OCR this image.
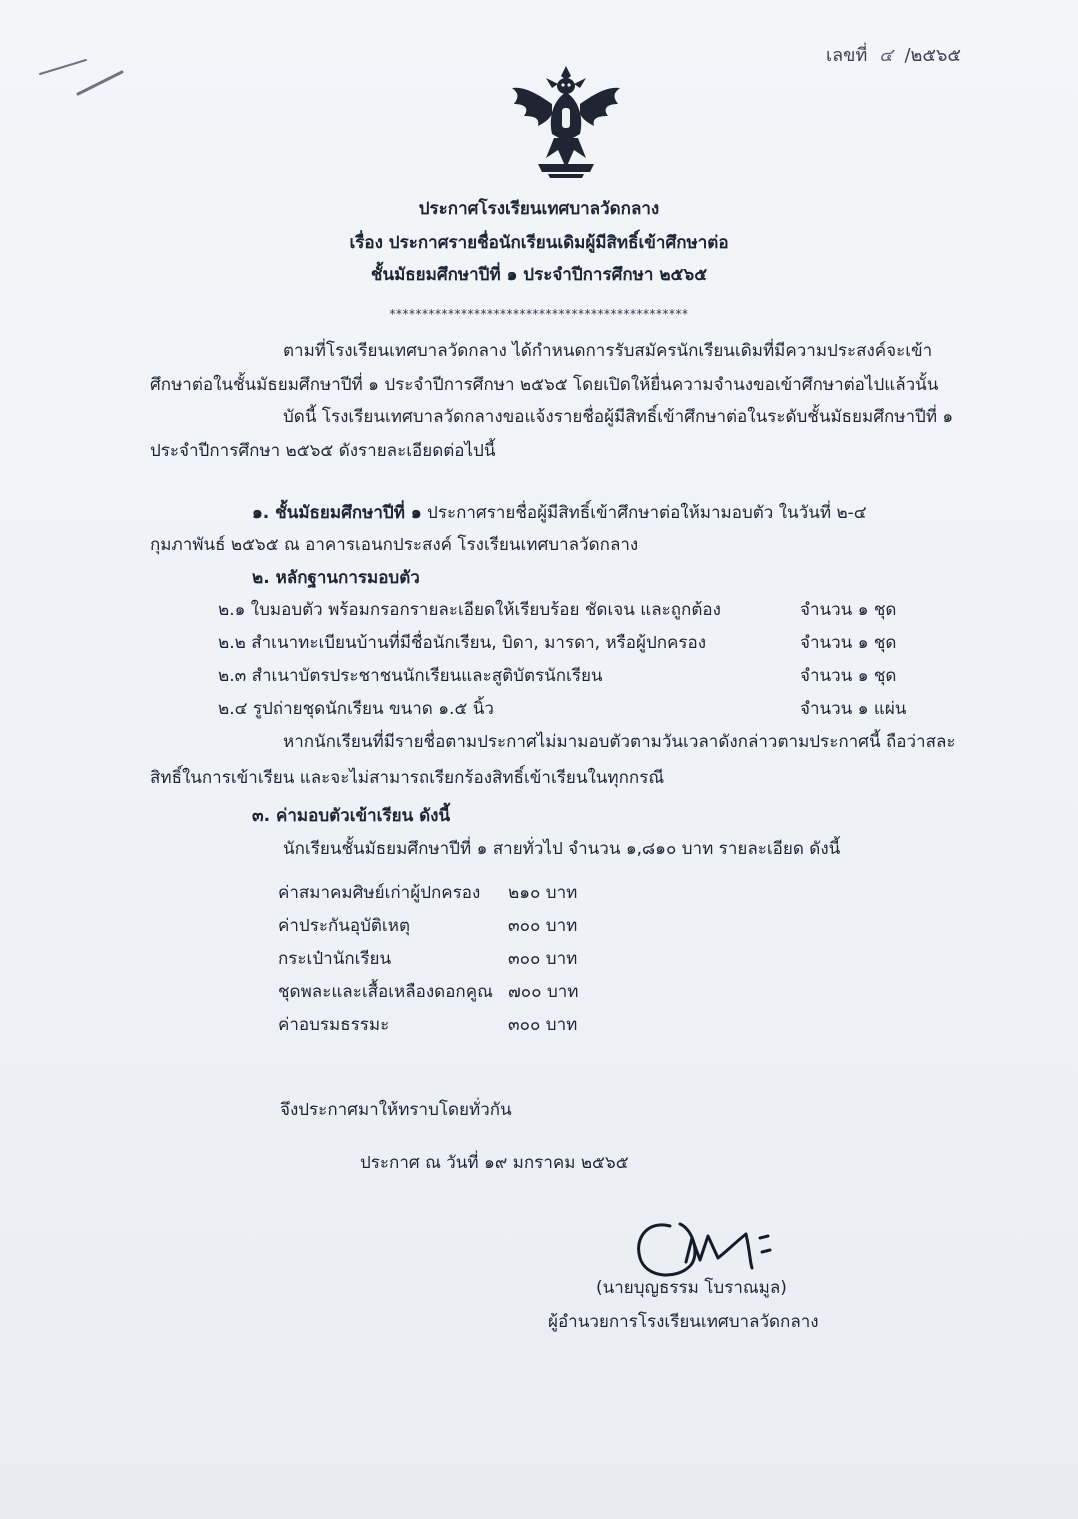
เลขที่ ๔ /๒๕๖๕
ประกาศโรงเรียนเทศบาลวัดกลาง
เรื่อง ประกาศรายชื่อนักเรียนเดิมผู้มีสิทธิ์เข้าศึกษาต่อ
ชั้นมัธยมศึกษาปีที่ ๑ ประจำปีการศึกษา ๒๕๖๕
**********************************************
ตามที่โรงเรียนเทศบาลวัดกลาง ได้กำหนดการรับสมัครนักเรียนเดิมที่มีความประสงค์จะเข้า
ศึกษาต่อในชั้นมัธยมศึกษาปีที่ ๑ ประจำปีการศึกษา ๒๕๖๕ โดยเปิดให้ยื่นความจำนงขอเข้าศึกษาต่อไปแล้วนั้น
บัดนี้ โรงเรียนเทศบาลวัดกลางขอแจ้งรายชื่อผู้มีสิทธิ์เข้าศึกษาต่อในระดับชั้นมัธยมศึกษาปีที่ ๑
ประจำปีการศึกษา ๒๕๖๕ ดังรายละเอียดต่อไปนี้
๑. ชั้นมัธยมศึกษาปีที่ ๑ ประกาศรายชื่อผู้มีสิทธิ์เข้าศึกษาต่อให้มามอบตัว ในวันที่ ๒-๔
กุมภาพันธ์ ๒๕๖๕ ณ อาคารเอนกประสงค์ โรงเรียนเทศบาลวัดกลาง
๒. หลักฐานการมอบตัว
๒.๑ ใบมอบตัว พร้อมกรอกรายละเอียดให้เรียบร้อย ชัดเจน และถูกต้อง	จำนวน ๑ ชุด
๒.๒ สำเนาทะเบียนบ้านที่มีชื่อนักเรียน, บิดา, มารดา, หรือผู้ปกครอง	จำนวน ๑ ชุด
๒.๓ สำเนาบัตรประชาชนนักเรียนและสูติบัตรนักเรียน	จำนวน ๑ ชุด
๒.๔ รูปถ่ายชุดนักเรียน ขนาด ๑.๕ นิ้ว	จำนวน ๑ แผ่น
หากนักเรียนที่มีรายชื่อตามประกาศไม่มามอบตัวตามวันเวลาดังกล่าวตามประกาศนี้ ถือว่าสละ
สิทธิ์ในการเข้าเรียน และจะไม่สามารถเรียกร้องสิทธิ์เข้าเรียนในทุกกรณี
๓. ค่ามอบตัวเข้าเรียน ดังนี้
นักเรียนชั้นมัธยมศึกษาปีที่ ๑ สายทั่วไป จำนวน ๑,๘๑๐ บาท รายละเอียด ดังนี้
ค่าสมาคมศิษย์เก่าผู้ปกครอง ๒๑๐ บาท
ค่าประกันอุบัติเหตุ	๓๐๐ บาท
กระเป๋านักเรียน	๓๐๐ บาท
ชุดพละและเสื้อเหลืองดอกคูณ ๗๐๐ บาท
ค่าอบรมธรรมะ	๓๐๐ บาท
จึงประกาศมาให้ทราบโดยทั่วกัน
ประกาศ ณ วันที่ ๑๙ มกราคม ๒๕๖๕
(นายบุญธรรม โบราณมูล)
ผู้อำนวยการโรงเรียนเทศบาลวัดกลาง
